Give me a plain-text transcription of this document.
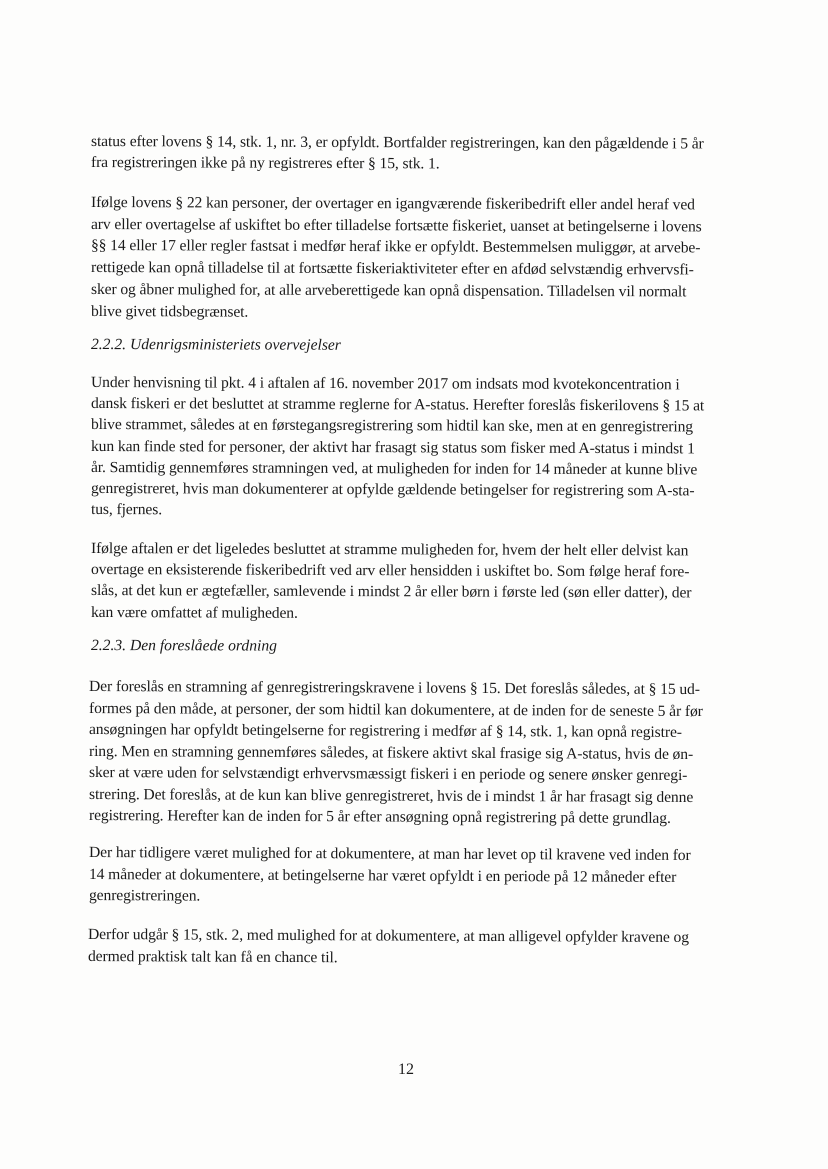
status efter lovens § 14, stk. 1, nr. 3, er opfyldt. Bortfalder registreringen, kan den pågældende i 5 år
fra registreringen ikke på ny registreres efter § 15, stk. 1.
Ifølge lovens § 22 kan personer, der overtager en igangværende fiskeribedrift eller andel heraf ved
arv eller overtagelse af uskiftet bo efter tilladelse fortsætte fiskeriet, uanset at betingelserne i lovens
§§ 14 eller 17 eller regler fastsat i medfør heraf ikke er opfyldt. Bestemmelsen muliggør, at arvebe-
rettigede kan opnå tilladelse til at fortsætte fiskeriaktiviteter efter en afdød selvstændig erhvervsfi-
sker og åbner mulighed for, at alle arveberettigede kan opnå dispensation. Tilladelsen vil normalt
blive givet tidsbegrænset.
2.2.2. Udenrigsministeriets overvejelser
Under henvisning til pkt. 4 i aftalen af 16. november 2017 om indsats mod kvotekoncentration i
dansk fiskeri er det besluttet at stramme reglerne for A-status. Herefter foreslås fiskerilovens § 15 at
blive strammet, således at en førstegangsregistrering som hidtil kan ske, men at en genregistrering
kun kan finde sted for personer, der aktivt har frasagt sig status som fisker med A-status i mindst 1
år. Samtidig gennemføres stramningen ved, at muligheden for inden for 14 måneder at kunne blive
genregistreret, hvis man dokumenterer at opfylde gældende betingelser for registrering som A-sta-
tus, fjernes.
Ifølge aftalen er det ligeledes besluttet at stramme muligheden for, hvem der helt eller delvist kan
overtage en eksisterende fiskeribedrift ved arv eller hensidden i uskiftet bo. Som følge heraf fore-
slås, at det kun er ægtefæller, samlevende i mindst 2 år eller børn i første led (søn eller datter), der
kan være omfattet af muligheden.
2.2.3. Den foreslåede ordning
Der foreslås en stramning af genregistreringskravene i lovens § 15. Det foreslås således, at § 15 ud-
formes på den måde, at personer, der som hidtil kan dokumentere, at de inden for de seneste 5 år før
ansøgningen har opfyldt betingelserne for registrering i medfør af § 14, stk. 1, kan opnå registre-
ring. Men en stramning gennemføres således, at fiskere aktivt skal frasige sig A-status, hvis de øn-
sker at være uden for selvstændigt erhvervsmæssigt fiskeri i en periode og senere ønsker genregi-
strering. Det foreslås, at de kun kan blive genregistreret, hvis de i mindst 1 år har frasagt sig denne
registrering. Herefter kan de inden for 5 år efter ansøgning opnå registrering på dette grundlag.
Der har tidligere været mulighed for at dokumentere, at man har levet op til kravene ved inden for
14 måneder at dokumentere, at betingelserne har været opfyldt i en periode på 12 måneder efter
genregistreringen.
Derfor udgår § 15, stk. 2, med mulighed for at dokumentere, at man alligevel opfylder kravene og
dermed praktisk talt kan få en chance til.
12
